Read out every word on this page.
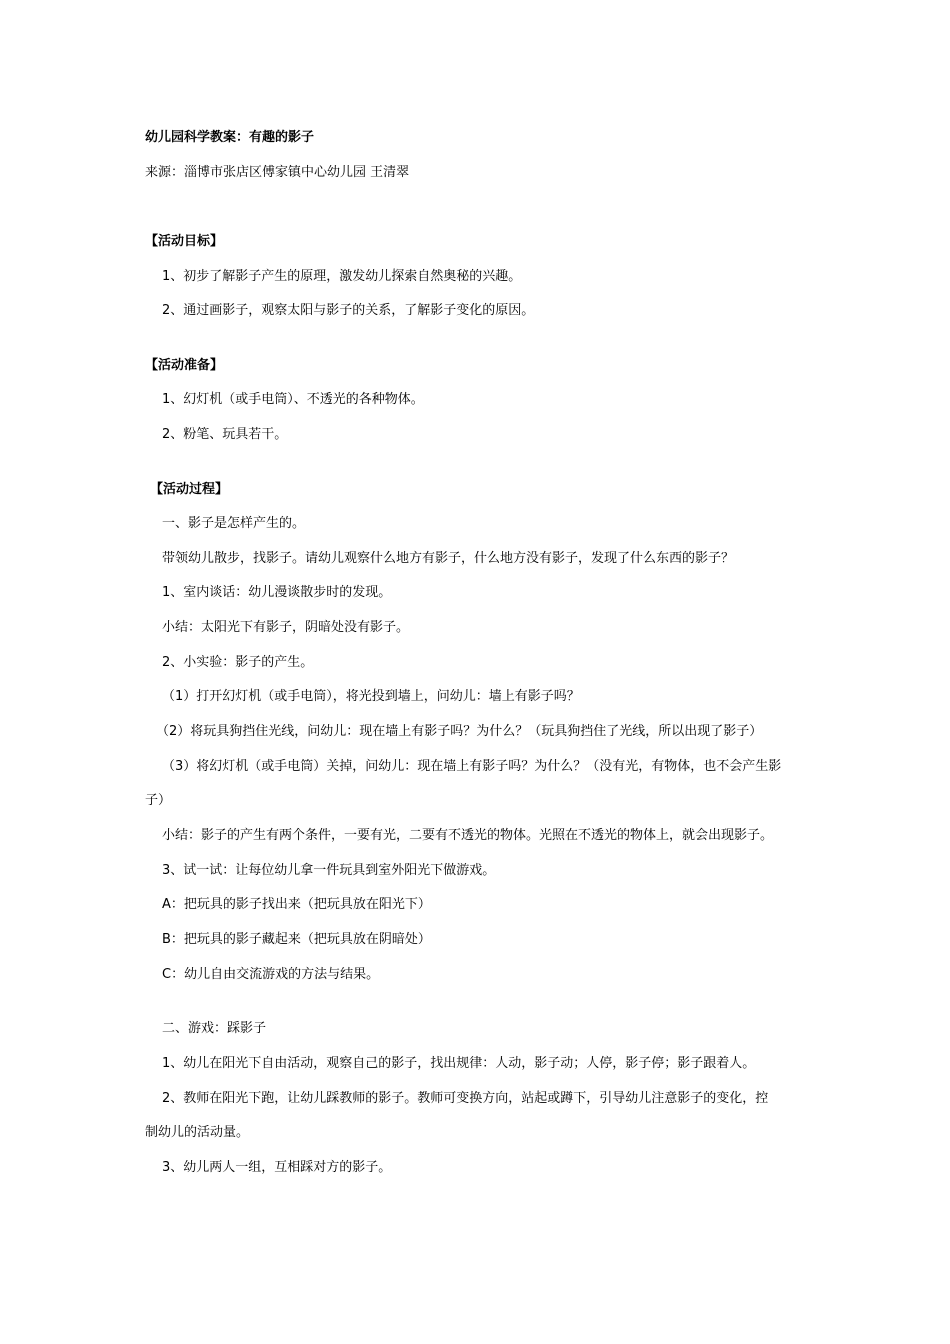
幼儿园科学教案：有趣的影子
来源：淄博市张店区傅家镇中心幼儿园 王清翠
【活动目标】
1、初步了解影子产生的原理，激发幼儿探索自然奥秘的兴趣。
2、通过画影子，观察太阳与影子的关系，了解影子变化的原因。
【活动准备】
1、幻灯机（或手电筒）、不透光的各种物体。
2、粉笔、玩具若干。
【活动过程】
一、影子是怎样产生的。
带领幼儿散步，找影子。请幼儿观察什么地方有影子，什么地方没有影子，发现了什么东西的影子？
1、室内谈话：幼儿漫谈散步时的发现。
小结：太阳光下有影子，阴暗处没有影子。
2、小实验：影子的产生。
（1）打开幻灯机（或手电筒），将光投到墙上，问幼儿：墙上有影子吗？
（2）将玩具狗挡住光线，问幼儿：现在墙上有影子吗？为什么？（玩具狗挡住了光线，所以出现了影子）
（3）将幻灯机（或手电筒）关掉，问幼儿：现在墙上有影子吗？为什么？（没有光，有物体，也不会产生影
子）
小结：影子的产生有两个条件，一要有光，二要有不透光的物体。光照在不透光的物体上，就会出现影子。
3、试一试：让每位幼儿拿一件玩具到室外阳光下做游戏。
A：把玩具的影子找出来（把玩具放在阳光下）
B：把玩具的影子藏起来（把玩具放在阴暗处）
C：幼儿自由交流游戏的方法与结果。
二、游戏：踩影子
1、幼儿在阳光下自由活动，观察自己的影子，找出规律：人动，影子动；人停，影子停；影子跟着人。
2、教师在阳光下跑，让幼儿踩教师的影子。教师可变换方向，站起或蹲下，引导幼儿注意影子的变化，控
制幼儿的活动量。
3、幼儿两人一组，互相踩对方的影子。
